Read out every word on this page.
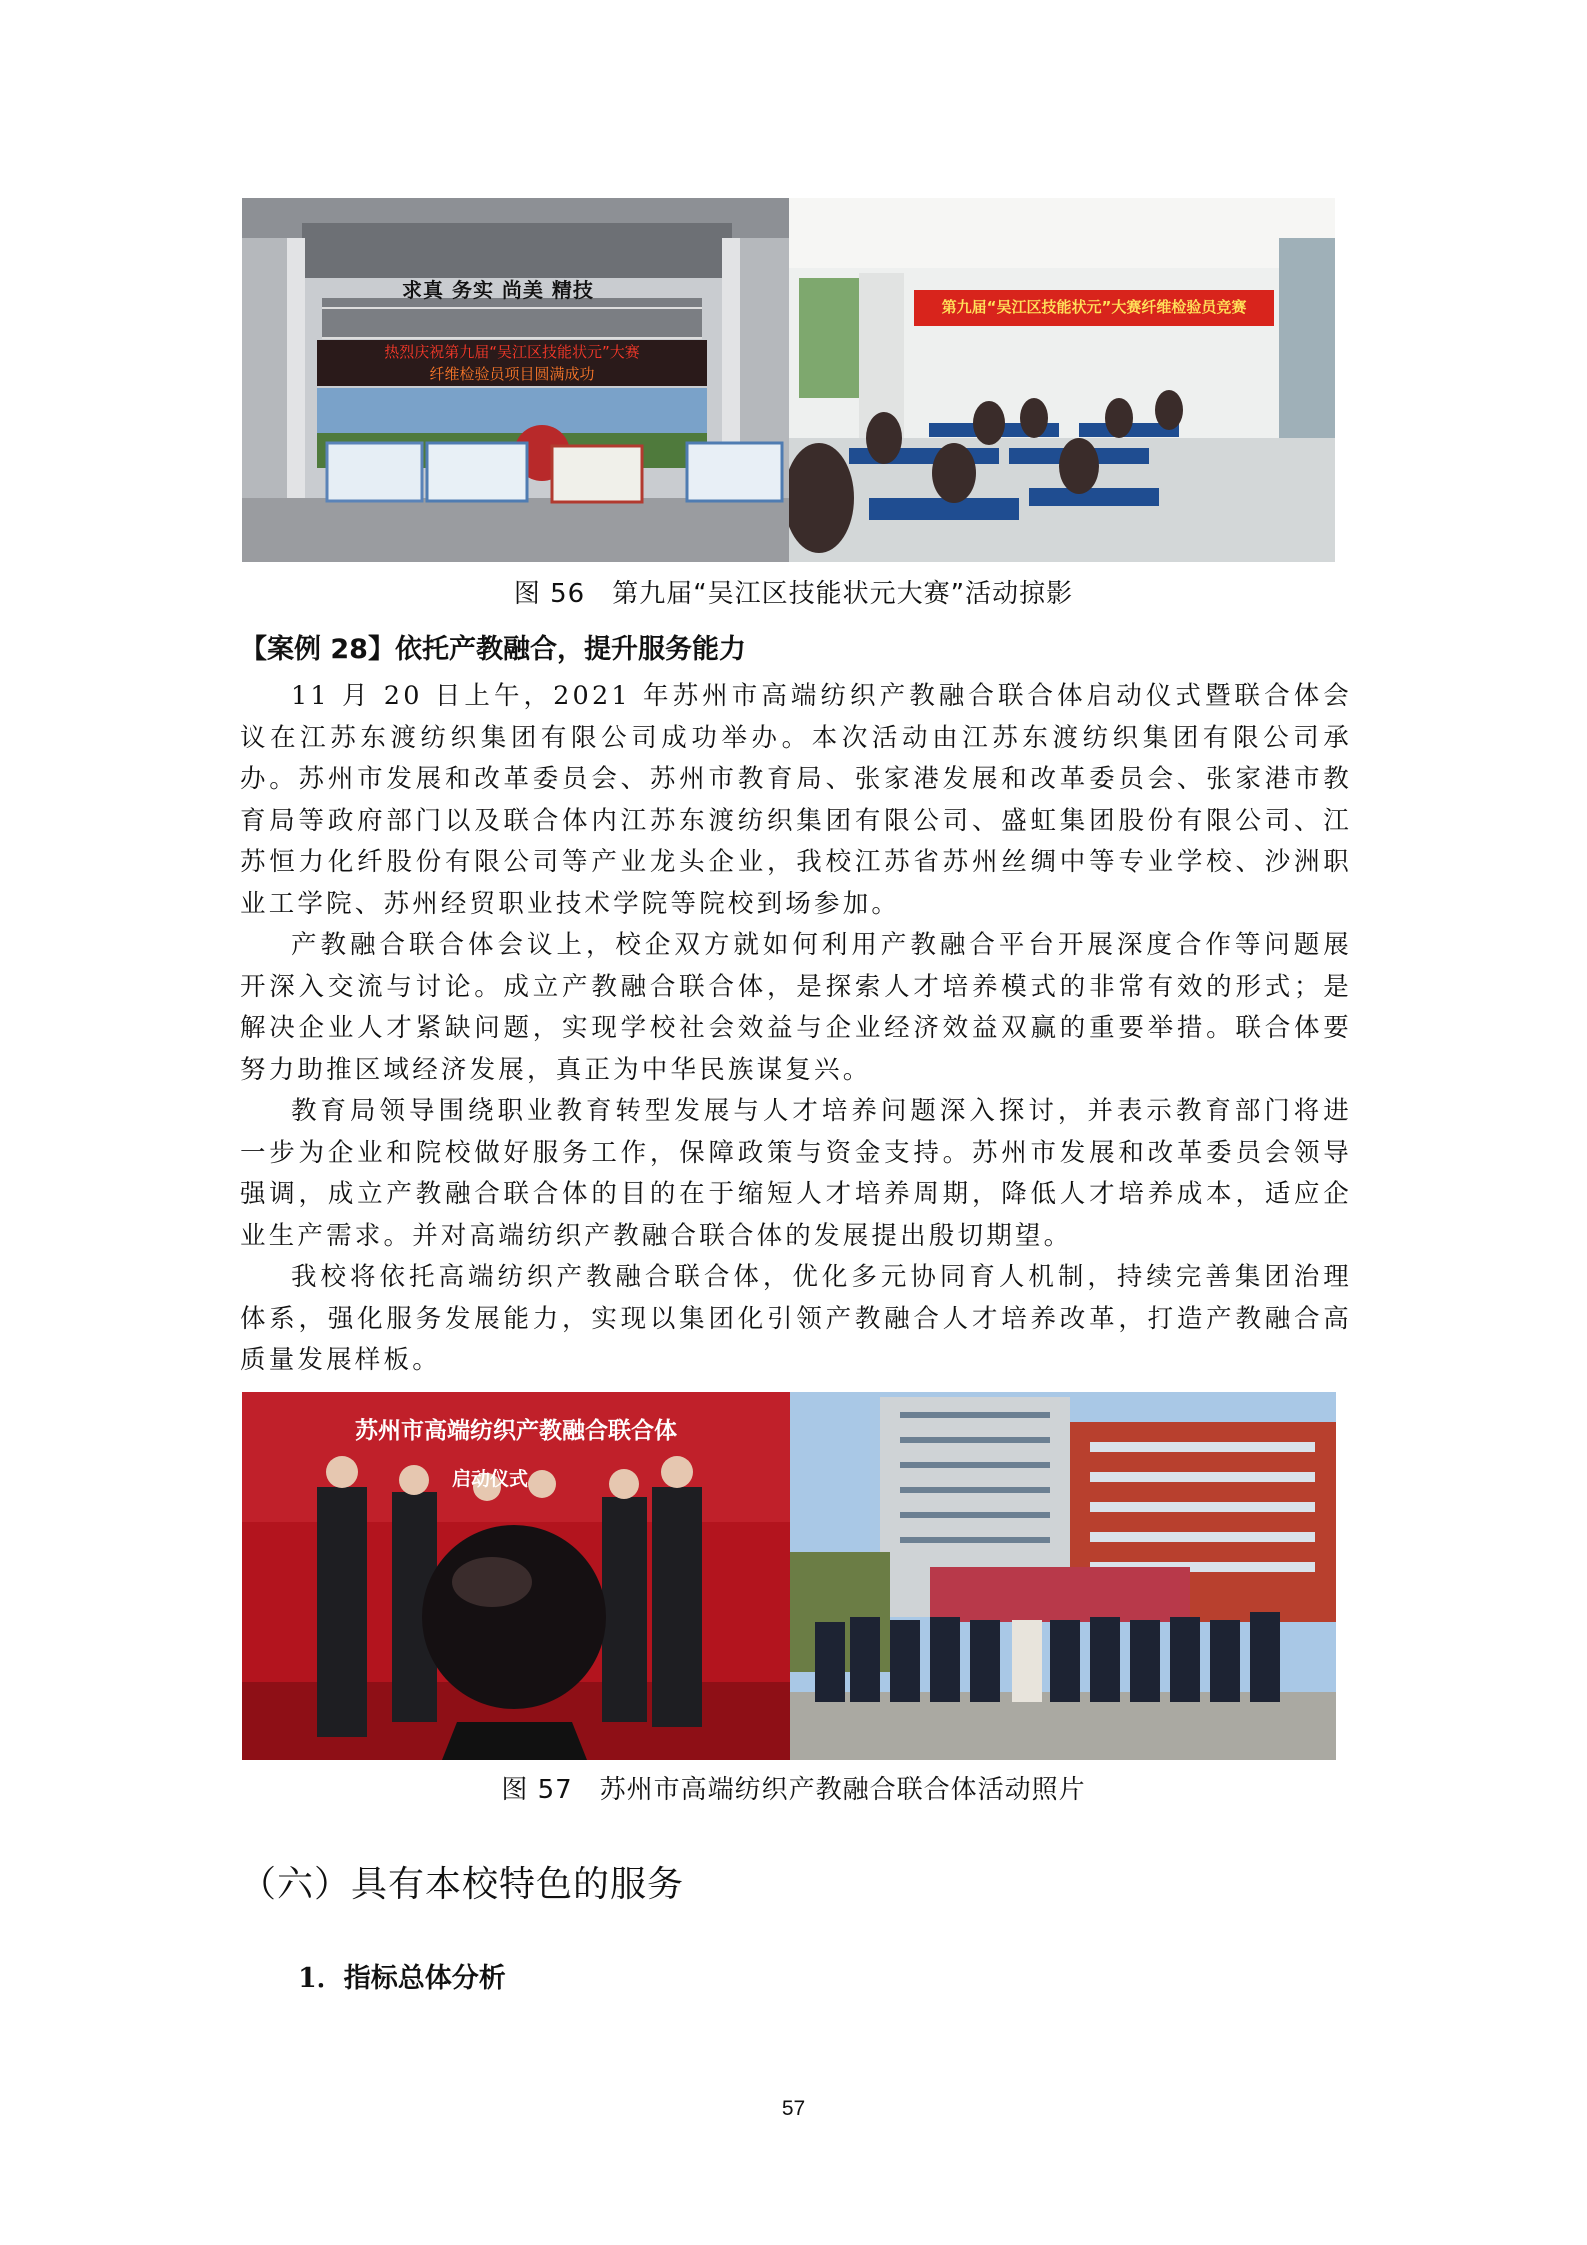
求真 务实 尚美 精技
热烈庆祝第九届“吴江区技能状元”大赛
纤维检验员项目圆满成功
第九届“吴江区技能状元”大赛纤维检验员竞赛
图 56　第九届“吴江区技能状元大赛”活动掠影
【案例 28】依托产教融合，提升服务能力

11 月 20 日上午，2021 年苏州市高端纺织产教融合联合体启动仪式暨联合体会议在江苏东渡纺织集团有限公司成功举办。本次活动由江苏东渡纺织集团有限公司承办。苏州市发展和改革委员会、苏州市教育局、张家港发展和改革委员会、张家港市教育局等政府部门以及联合体内江苏东渡纺织集团有限公司、盛虹集团股份有限公司、江苏恒力化纤股份有限公司等产业龙头企业，我校江苏省苏州丝绸中等专业学校、沙洲职业工学院、苏州经贸职业技术学院等院校到场参加。

产教融合联合体会议上，校企双方就如何利用产教融合平台开展深度合作等问题展开深入交流与讨论。成立产教融合联合体，是探索人才培养模式的非常有效的形式；是解决企业人才紧缺问题，实现学校社会效益与企业经济效益双赢的重要举措。联合体要努力助推区域经济发展，真正为中华民族谋复兴。

教育局领导围绕职业教育转型发展与人才培养问题深入探讨，并表示教育部门将进一步为企业和院校做好服务工作，保障政策与资金支持。苏州市发展和改革委员会领导强调，成立产教融合联合体的目的在于缩短人才培养周期，降低人才培养成本，适应企业生产需求。并对高端纺织产教融合联合体的发展提出殷切期望。

我校将依托高端纺织产教融合联合体，优化多元协同育人机制，持续完善集团治理体系，强化服务发展能力，实现以集团化引领产教融合人才培养改革，打造产教融合高质量发展样板。

苏州市高端纺织产教融合联合体
启动仪式
图 57　苏州市高端纺织产教融合联合体活动照片
（六）具有本校特色的服务
1．指标总体分析
57
